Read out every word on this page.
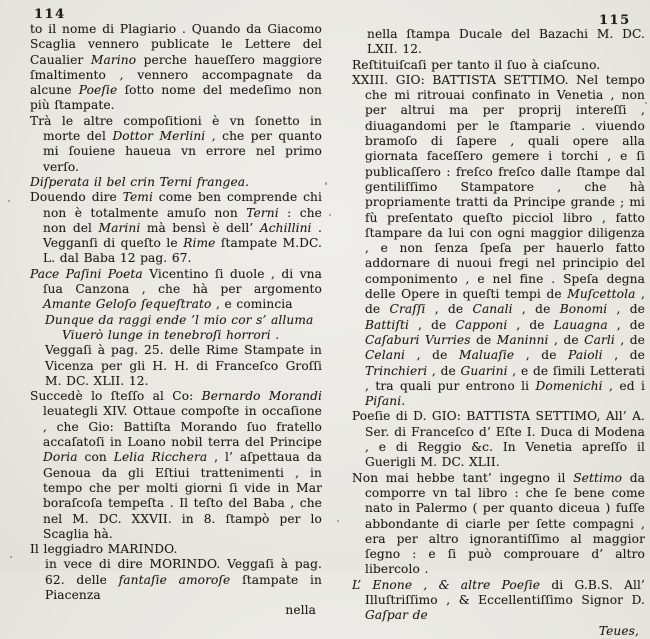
114	115

to il nome di Plagiario . Quando da Giacomo Scaglia vennero publicate le Lettere del Caualier Marino perche haueſſero maggiore ſmaltimento , vennero accompagnate da alcune Poeſie ſotto nome del medeſimo non più ſtampate.

Trà le altre compoſitioni è vn ſonetto in morte del Dottor Merlini , che per quanto mi ſouiene haueua vn errore nel primo verſo.

Diſperata il bel crin Terni frangea.

Douendo dire Temi come ben comprende chi non è totalmente amuſo non Terni : che non del Marini mà bensì è dell’ Achillini . Vegganſi di queſto le Rime ſtampate M.DC. L. dal Baba 12 pag. 67.

Pace Paſini Poeta Vicentino ſi duole , di vna ſua Canzona , che hà per argomento Amante Geloſo ſequeſtrato , e comincia

Dunque da raggi ende ’l mio cor s’ alluma

Viuerò lunge in tenebroſi horrori .

Veggaſi à pag. 25. delle Rime Stampate in Vicenza per gli H. H. di Franceſco Groſſi M. DC. XLII. 12.

Succedè lo ſteſſo al Co: Bernardo Morandi leuategli XIV. Ottaue compoſte in occaſione , che Gio: Battiſta Morando ſuo fratello accaſatoſi in Loano nobil terra del Principe Doria con Lelia Ricchera , l’ aſpettaua da Genoua da gli Eſtiui trattenimenti , in tempo che per molti giorni ſi vide in Mar boraſcoſa tempeſta . Il teſto del Baba , che nel M. DC. XXVII. in 8. ſtampò per lo Scaglia hà.

Il leggiadro MARINDO.

in vece di dire MORINDO. Veggaſi à pag. 62. delle fantaſie amoroſe ſtampate in Piacenza

nella

nella ſtampa Ducale del Bazachi M. DC. LXII. 12.

Reſtituiſcaſi per tanto il ſuo à ciaſcuno.

XXIII. GIO: BATTISTA SETTIMO. Nel tempo che mi ritrouai confinato in Venetia , non per altrui ma per proprij intereſſi , diuagandomi per le ſtamparie . viuendo bramoſo di ſapere , quali opere alla giornata faceſſero gemere i torchi , e ſi publicaſſero : freſco freſco dalle ſtampe dal gentiliſſimo Stampatore , che hà propriamente tratti da Principe grande ; mi fù preſentato queſto picciol libro , fatto ſtampare da lui con ogni maggior diligenza , e non ſenza ſpeſa per hauerlo fatto addornare di nuoui fregi nel principio del componimento , e nel fine . Speſa degna delle Opere in queſti tempi de Muſcettola , de Craſſi , de Canali , de Bonomi , de Battiſti , de Capponi , de Lauagna , de Caſaburi Vurries de Maninni , de Carli , de Celani , de Maluaſie , de Paioli , de Trinchieri , de Guarini , e de ſimili Letterati , tra quali pur entrono li Domenichi , ed i Piſani.

Poeſie di D. GIO: BATTISTA SETTIMO, All’ A. Ser. di Franceſco d’ Eſte I. Duca di Modena , e di Reggio &c. In Venetia apreſſo il Guerigli M. DC. XLII.

Non mai hebbe tant’ ingegno il Settimo da comporre vn tal libro : che ſe bene come nato in Palermo ( per quanto diceua ) fuſſe abbondante di ciarle per ſette compagni , era per altro ignorantiſſimo al maggior ſegno : e ſi può comprouare d’ altro libercolo .

L’ Enone , & altre Poeſie di G.B.S. All’ Illuſtriſſimo , & Eccellentiſſimo Signor D. Gaſpar de

Teues,
